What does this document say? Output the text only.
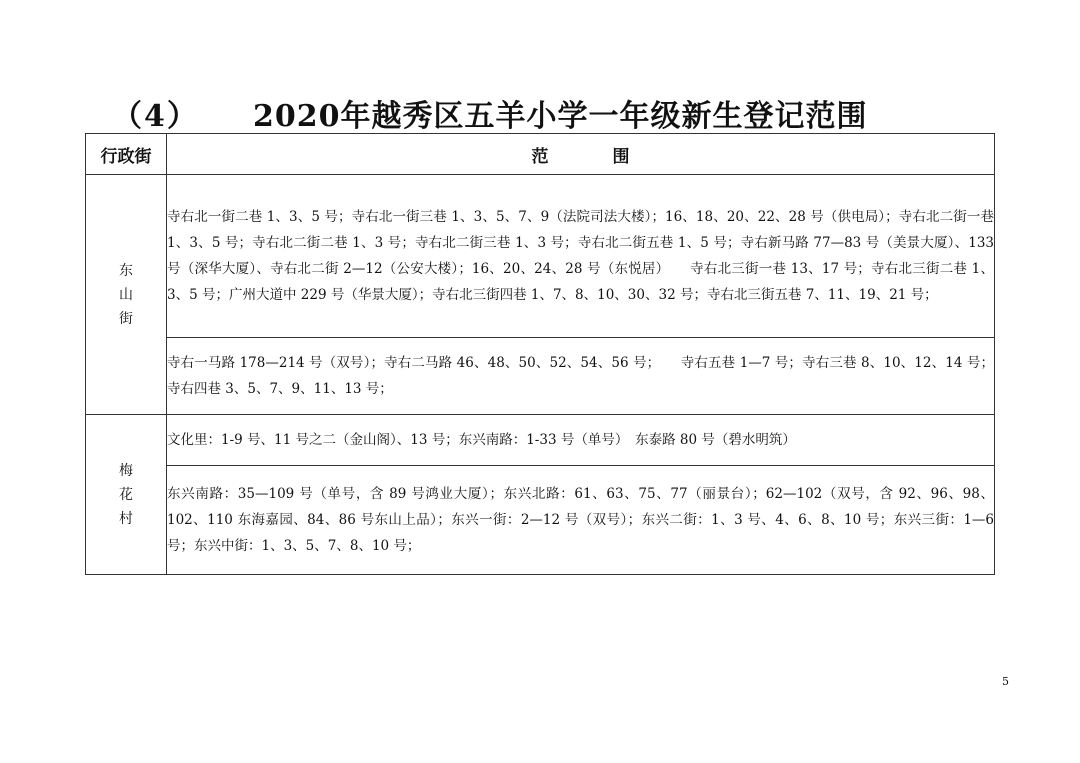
（4） 2020年越秀区五羊小学一年级新生登记范围
行政街	范围
东山街	寺右北一街二巷 1、3、5 号；寺右北一街三巷 1、3、5、7、9（法院司法大楼）；16、18、20、22、28 号（供电局）；寺右北二街一巷 1、3、5 号；寺右北二街二巷 1、3 号；寺右北二街三巷 1、3 号；寺右北二街五巷 1、5 号；寺右新马路 77—83 号（美景大厦）、133 号（深华大厦）、寺右北二街 2—12（公安大楼）；16、20、24、28 号（东悦居）　　寺右北三街一巷 13、17 号；寺右北三街二巷 1、3、5 号；广州大道中 229 号（华景大厦）；寺右北三街四巷 1、7、8、10、30、32 号；寺右北三街五巷 7、11、19、21 号；
	寺右一马路 178—214 号（双号）；寺右二马路 46、48、50、52、54、56 号；　　寺右五巷 1—7 号；寺右三巷 8、10、12、14 号；寺右四巷 3、5、7、9、11、13 号；
梅花村	文化里：1-9 号、11 号之二（金山阁）、13 号；东兴南路：1-33 号（单号）　东泰路 80 号（碧水明筑）
	东兴南路：35—109 号（单号，含 89 号鸿业大厦）；东兴北路：61、63、75、77（丽景台）；62—102（双号，含 92、96、98、102、110 东海嘉园、84、86 号东山上品）；东兴一街：2—12 号（双号）；东兴二街：1、3 号、4、6、8、10 号；东兴三街：1—6 号；东兴中街：1、3、5、7、8、10 号；
5
